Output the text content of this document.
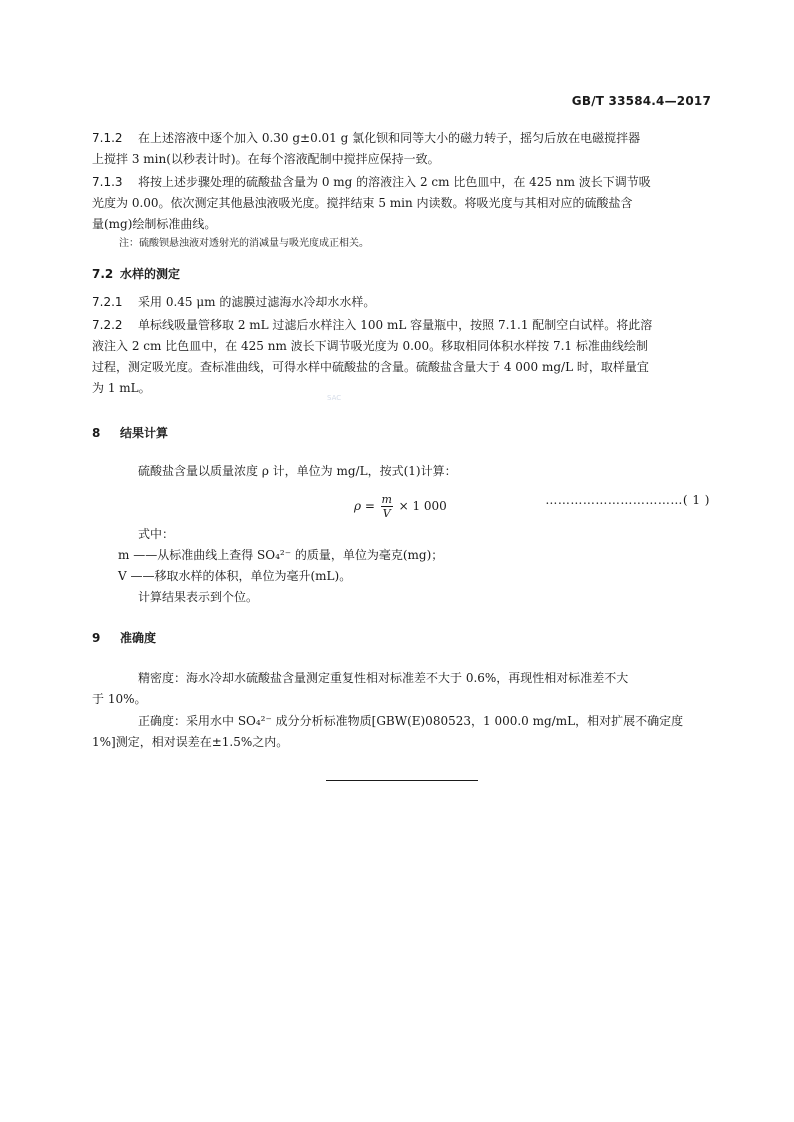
GB/T 33584.4—2017
7.1.2 在上述溶液中逐个加入 0.30 g±0.01 g 氯化钡和同等大小的磁力转子，摇匀后放在电磁搅拌器
上搅拌 3 min(以秒表计时)。在每个溶液配制中搅拌应保持一致。
7.1.3 将按上述步骤处理的硫酸盐含量为 0 mg 的溶液注入 2 cm 比色皿中，在 425 nm 波长下调节吸
光度为 0.00。依次测定其他悬浊液吸光度。搅拌结束 5 min 内读数。将吸光度与其相对应的硫酸盐含
量(mg)绘制标准曲线。
注：硫酸钡悬浊液对透射光的消减量与吸光度成正相关。
7.2 水样的测定
7.2.1 采用 0.45 μm 的滤膜过滤海水冷却水水样。
7.2.2 单标线吸量管移取 2 mL 过滤后水样注入 100 mL 容量瓶中，按照 7.1.1 配制空白试样。将此溶
液注入 2 cm 比色皿中，在 425 nm 波长下调节吸光度为 0.00。移取相同体积水样按 7.1 标准曲线绘制
过程，测定吸光度。查标准曲线，可得水样中硫酸盐的含量。硫酸盐含量大于 4 000 mg/L 时，取样量宜
为 1 mL。
SAC
8 结果计算
硫酸盐含量以质量浓度 ρ 计，单位为 mg/L，按式(1)计算：
$\rho = \frac{m}{V} \times 1$ 000	……………………………( 1 )
式中：
m ——从标准曲线上查得 SO₄²⁻ 的质量，单位为毫克(mg)；
V ——移取水样的体积，单位为毫升(mL)。
计算结果表示到个位。
9 准确度
精密度：海水冷却水硫酸盐含量测定重复性相对标准差不大于 0.6%，再现性相对标准差不大
于 10%。
正确度：采用水中 SO₄²⁻ 成分分析标准物质[GBW(E)080523，1 000.0 mg/mL，相对扩展不确定度
1%]测定，相对误差在±1.5%之内。
